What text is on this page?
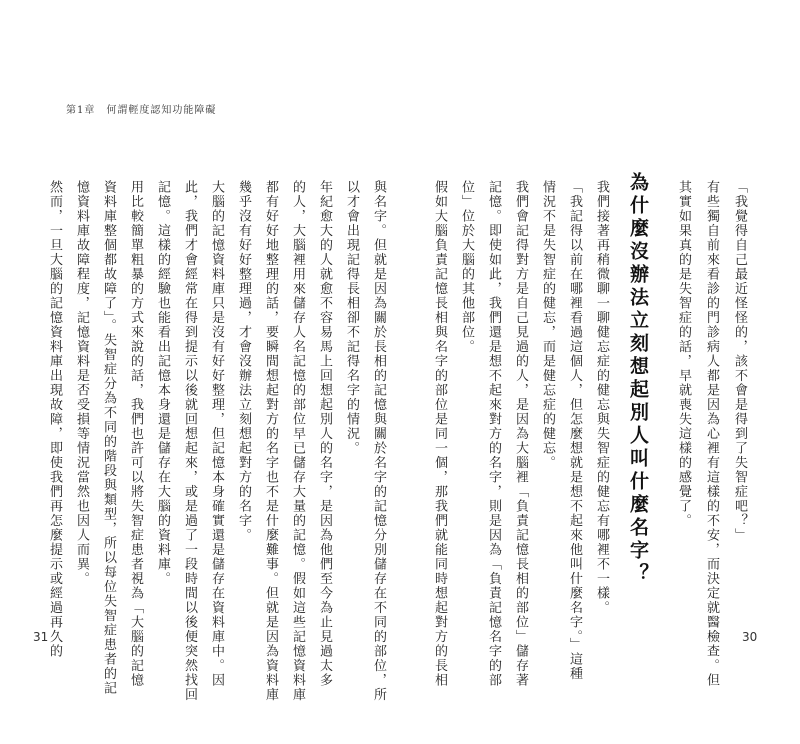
第1章　何謂輕度認知功能障礙
「我覺得自己最近怪怪的，該不會是得到了失智症吧？」
有些獨自前來看診的門診病人都是因為心裡有這樣的不安，而決定就醫檢查。但
其實如果真的是失智症的話，早就喪失這樣的感覺了。
為什麼沒辦法立刻想起別人叫什麼名字？
我們接著再稍微聊一聊健忘症的健忘與失智症的健忘有哪裡不一樣。
「我記得以前在哪裡看過這個人，但怎麼想就是想不起來他叫什麼名字。」這種
情況不是失智症的健忘，而是健忘症的健忘。
我們會記得對方是自己見過的人，是因為大腦裡「負責記憶長相的部位」儲存著
記憶。即使如此，我們還是想不起來對方的名字，則是因為「負責記憶名字的部
位」位於大腦的其他部位。
假如大腦負責記憶長相與名字的部位是同一個，那我們就能同時想起對方的長相
與名字。但就是因為關於長相的記憶與關於名字的記憶分別儲存在不同的部位，所
以才會出現記得長相卻不記得名字的情況。
年紀愈大的人就愈不容易馬上回想起別人的名字，是因為他們至今為止見過太多
的人，大腦裡用來儲存人名記憶的部位早已儲存大量的記憶。假如這些記憶資料庫
都有好好地整理的話，要瞬間想起對方的名字也不是什麼難事。但就是因為資料庫
幾乎沒有好好整理過，才會沒辦法立刻想起對方的名字。
大腦的記憶資料庫只是沒有好好整理，但記憶本身確實還是儲存在資料庫中。因
此，我們才會經常在得到提示以後就回想起來，或是過了一段時間以後便突然找回
記憶。這樣的經驗也能看出記憶本身還是儲存在大腦的資料庫。
用比較簡單粗暴的方式來說的話，我們也許可以將失智症患者視為「大腦的記憶
資料庫整個都故障了」。失智症分為不同的階段與類型，所以每位失智症患者的記
憶資料庫故障程度，記憶資料是否受損等情況當然也因人而異。
然而，一旦大腦的記憶資料庫出現故障，即使我們再怎麼提示或經過再久的
31	30
